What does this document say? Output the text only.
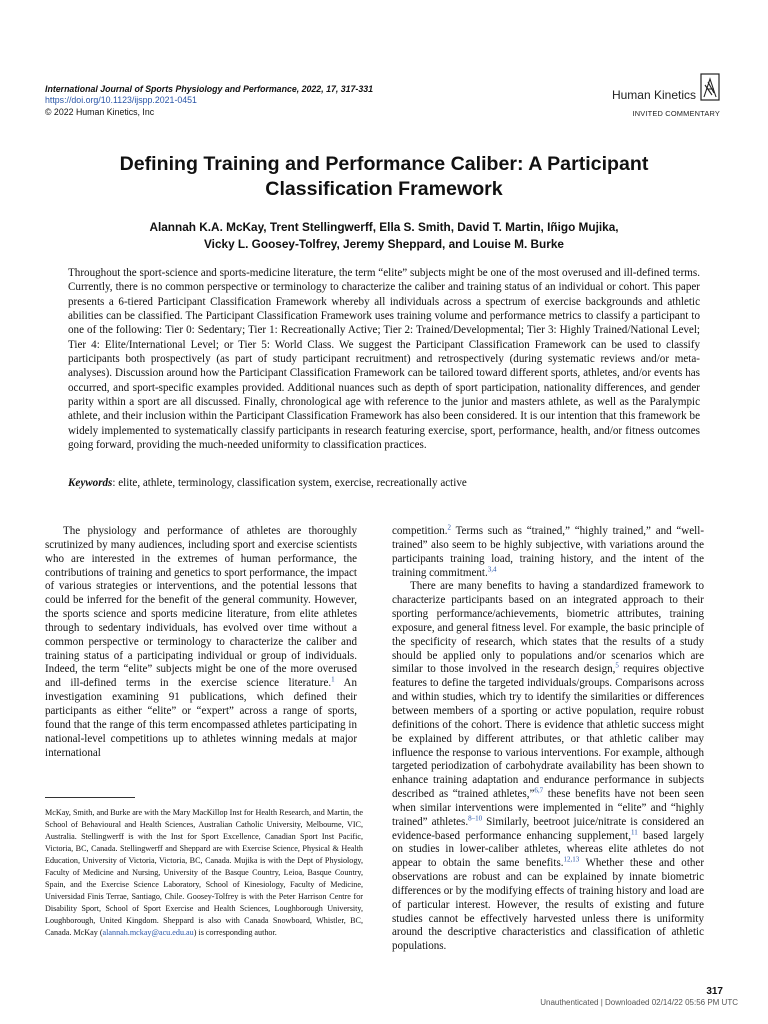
International Journal of Sports Physiology and Performance, 2022, 17, 317-331
https://doi.org/10.1123/ijspp.2021-0451
© 2022 Human Kinetics, Inc
Human Kinetics
INVITED COMMENTARY
Defining Training and Performance Caliber: A Participant
Classification Framework
Alannah K.A. McKay, Trent Stellingwerff, Ella S. Smith, David T. Martin, Iñigo Mujika,
Vicky L. Goosey-Tolfrey, Jeremy Sheppard, and Louise M. Burke
Throughout the sport-science and sports-medicine literature, the term “elite” subjects might be one of the most overused and ill-defined terms. Currently, there is no common perspective or terminology to characterize the caliber and training status of an individual or cohort. This paper presents a 6-tiered Participant Classification Framework whereby all individuals across a spectrum of exercise backgrounds and athletic abilities can be classified. The Participant Classification Framework uses training volume and performance metrics to classify a participant to one of the following: Tier 0: Sedentary; Tier 1: Recreationally Active; Tier 2: Trained/Developmental; Tier 3: Highly Trained/National Level; Tier 4: Elite/International Level; or Tier 5: World Class. We suggest the Participant Classification Framework can be used to classify participants both prospectively (as part of study participant recruitment) and retrospectively (during systematic reviews and/or meta-analyses). Discussion around how the Participant Classification Framework can be tailored toward different sports, athletes, and/or events has occurred, and sport-specific examples provided. Additional nuances such as depth of sport participation, nationality differences, and gender parity within a sport are all discussed. Finally, chronological age with reference to the junior and masters athlete, as well as the Paralympic athlete, and their inclusion within the Participant Classification Framework has also been considered. It is our intention that this framework be widely implemented to systematically classify participants in research featuring exercise, sport, performance, health, and/or fitness outcomes going forward, providing the much-needed uniformity to classification practices.
Keywords: elite, athlete, terminology, classification system, exercise, recreationally active

The physiology and performance of athletes are thoroughly scrutinized by many audiences, including sport and exercise scientists who are interested in the extremes of human performance, the contributions of training and genetics to sport performance, the impact of various strategies or interventions, and the potential lessons that could be inferred for the benefit of the general community. However, the sports science and sports medicine literature, from elite athletes through to sedentary individuals, has evolved over time without a common perspective or terminology to characterize the caliber and training status of a participating individual or group of individuals. Indeed, the term “elite” subjects might be one of the more overused and ill-defined terms in the exercise science literature.$^1$ An investigation examining 91 publications, which defined their participants as either “elite” or “expert” across a range of sports, found that the range of this term encompassed athletes participating in national-level competitions up to athletes winning medals at major international

competition.$^2$ Terms such as “trained,” “highly trained,” and “well-trained” also seem to be highly subjective, with variations around the participants training load, training history, and the intent of the training commitment.$^{3,4}$

There are many benefits to having a standardized framework to characterize participants based on an integrated approach to their sporting performance/achievements, biometric attributes, training exposure, and general fitness level. For example, the basic principle of the specificity of research, which states that the results of a study should be applied only to populations and/or scenarios which are similar to those involved in the research design,$^5$ requires objective features to define the targeted individuals/groups. Comparisons across and within studies, which try to identify the similarities or differences between members of a sporting or active population, require robust definitions of the cohort. There is evidence that athletic success might be explained by different attributes, or that athletic caliber may influence the response to various interventions. For example, although targeted periodization of carbohydrate availability has been shown to enhance training adaptation and endurance performance in subjects described as “trained athletes,”$^{6,7}$ these benefits have not been seen when similar interventions were implemented in “elite” and “highly trained” athletes.$^{8-10}$ Similarly, beetroot juice/nitrate is considered an evidence-based performance enhancing supplement,$^{11}$ based largely on studies in lower-caliber athletes, whereas elite athletes do not appear to obtain the same benefits.$^{12,13}$ Whether these and other observations are robust and can be explained by innate biometric differences or by the modifying effects of training history and load are of particular interest. However, the results of existing and future studies cannot be effectively harvested unless there is uniformity around the descriptive characteristics and classification of athletic populations.

McKay, Smith, and Burke are with the Mary MacKillop Inst for Health Research, and Martin, the School of Behavioural and Health Sciences, Australian Catholic University, Melbourne, VIC, Australia. Stellingwerff is with the Inst for Sport Excellence, Canadian Sport Inst Pacific, Victoria, BC, Canada. Stellingwerff and Sheppard are with Exercise Science, Physical & Health Education, University of Victoria, Victoria, BC, Canada. Mujika is with the Dept of Physiology, Faculty of Medicine and Nursing, University of the Basque Country, Leioa, Basque Country, Spain, and the Exercise Science Laboratory, School of Kinesiology, Faculty of Medicine, Universidad Finis Terrae, Santiago, Chile. Goosey-Tolfrey is with the Peter Harrison Centre for Disability Sport, School of Sport Exercise and Health Sciences, Loughborough University, Loughborough, United Kingdom. Sheppard is also with Canada Snowboard, Whistler, BC, Canada. McKay (alannah.mckay@acu.edu.au) is corresponding author.
317
Unauthenticated | Downloaded 02/14/22 05:56 PM UTC
